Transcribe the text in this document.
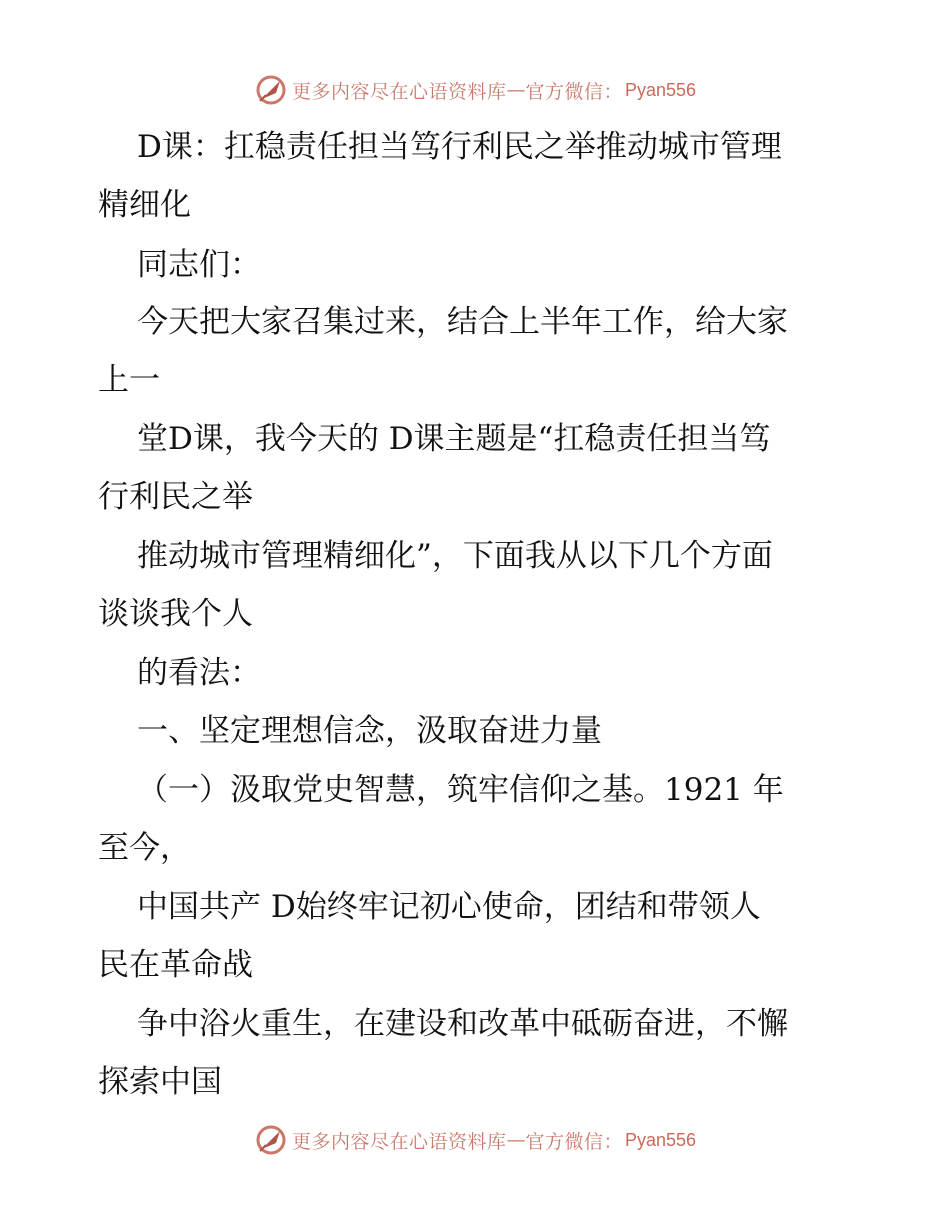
更多内容尽在心语资料库 — 官方微信： Pyan556
D课：扛稳责任担当笃行利民之举推动城市管理
精细化
同志们：
今天把大家召集过来，结合上半年工作，给大家
上一
堂D课，我今天的 D课主题是“扛稳责任担当笃
行利民之举
推动城市管理精细化”，下面我从以下几个方面
谈谈我个人
的看法：
一、坚定理想信念，汲取奋进力量
（一）汲取党史智慧，筑牢信仰之基。1921 年
至今，
中国共产 D始终牢记初心使命，团结和带领人
民在革命战
争中浴火重生，在建设和改革中砥砺奋进，不懈
探索中国
更多内容尽在心语资料库 — 官方微信： Pyan556
